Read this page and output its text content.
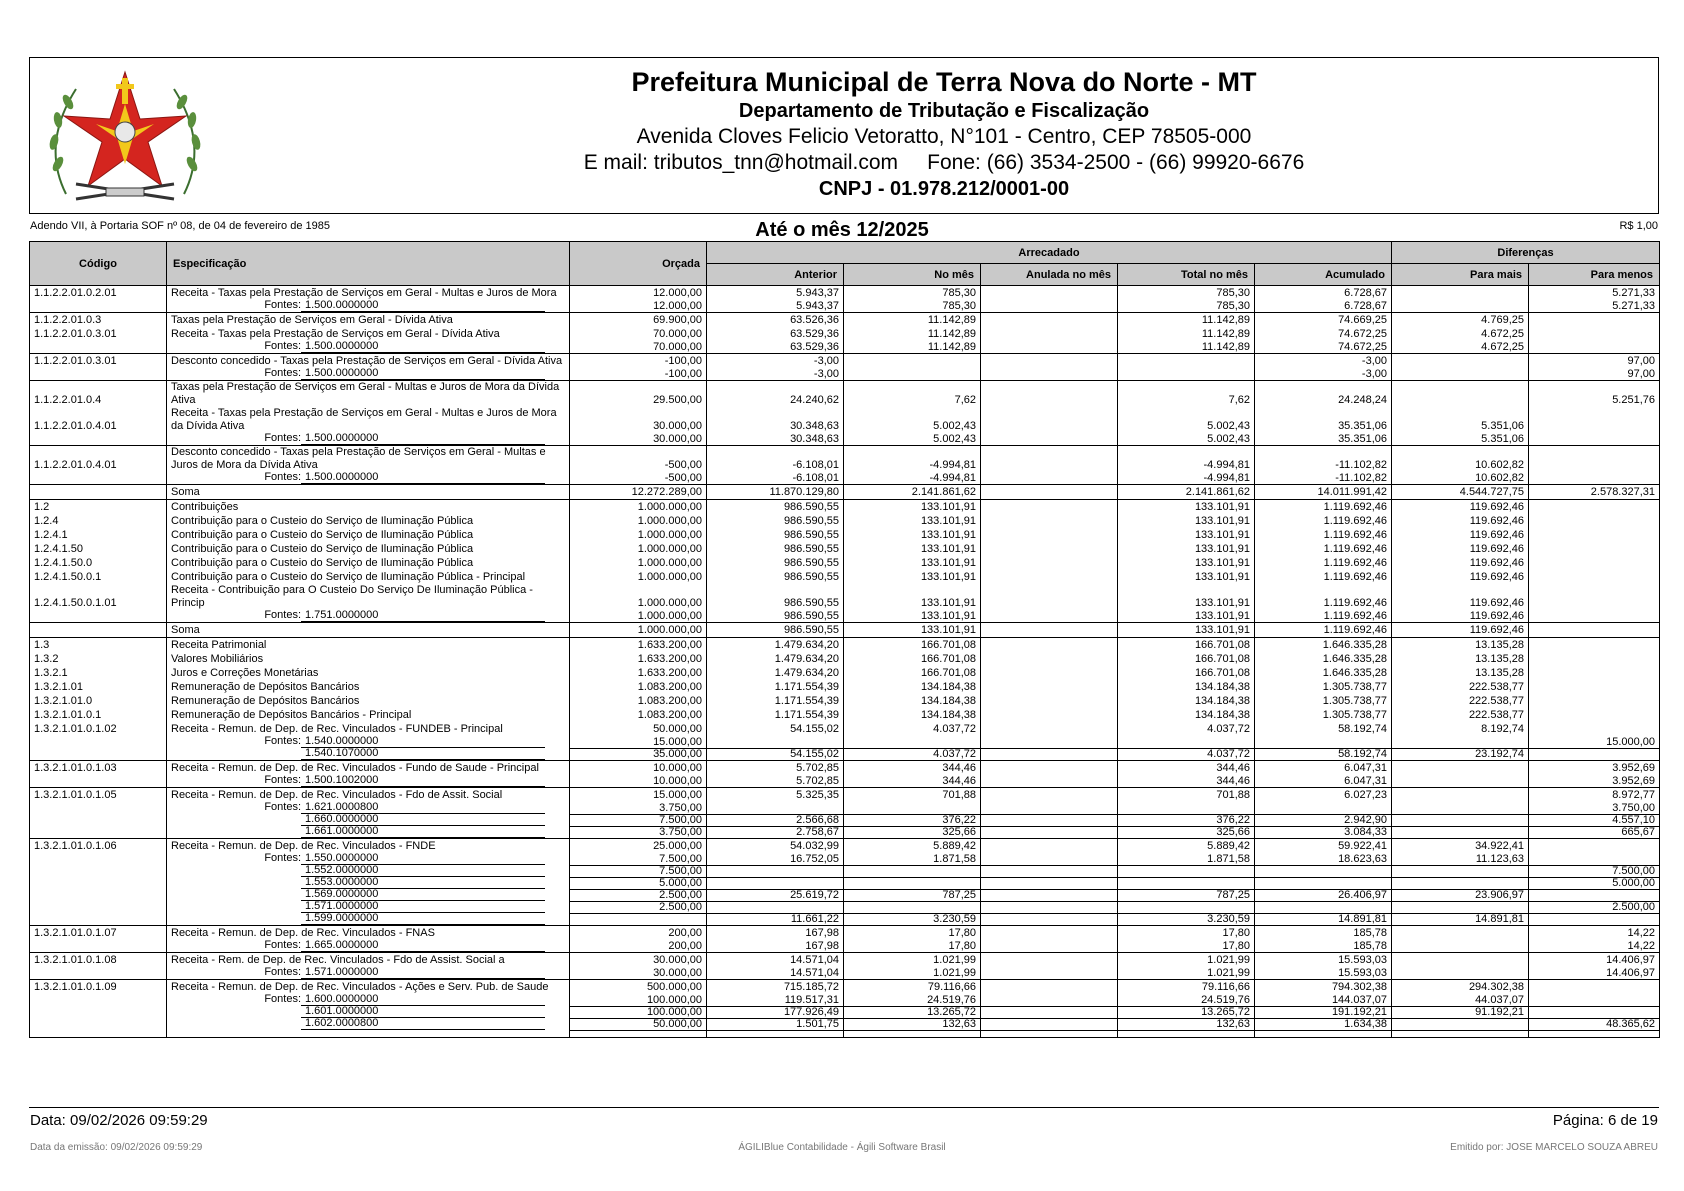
Prefeitura Municipal de Terra Nova do Norte - MT
Departamento de Tributação e Fiscalização
Avenida Cloves Felicio Vetoratto, N°101 - Centro, CEP 78505-000
E mail: tributos_tnn@hotmail.com     Fone: (66) 3534-2500 - (66) 99920-6676
CNPJ - 01.978.212/0001-00
Adendo VII, à Portaria SOF nº 08, de 04 de fevereiro de 1985	Até o mês 12/2025	R$ 1,00
Código	Especificação	Orçada	Arrecadado					Diferenças	
			Anterior	No mês	Anulada no mês	Total no mês	Acumulado	Para mais	Para menos
1.1.2.2.01.0.2.01	Receita - Taxas pela Prestação de Serviços em Geral - Multas e Juros de Mora	12.000,00	5.943,37	785,30		785,30	6.728,67		5.271,33
	Fontes: 1.500.0000000	12.000,00	5.943,37	785,30		785,30	6.728,67		5.271,33
1.1.2.2.01.0.3	Taxas pela Prestação de Serviços em Geral - Dívida Ativa	69.900,00	63.526,36	11.142,89		11.142,89	74.669,25	4.769,25	
1.1.2.2.01.0.3.01	Receita - Taxas pela Prestação de Serviços em Geral - Dívida Ativa	70.000,00	63.529,36	11.142,89		11.142,89	74.672,25	4.672,25	
	Fontes: 1.500.0000000	70.000,00	63.529,36	11.142,89		11.142,89	74.672,25	4.672,25	
1.1.2.2.01.0.3.01	Desconto concedido - Taxas pela Prestação de Serviços em Geral - Dívida Ativa	-100,00	-3,00				-3,00		97,00
	Fontes: 1.500.0000000	-100,00	-3,00				-3,00		97,00
1.1.2.2.01.0.4	Taxas pela Prestação de Serviços em Geral - Multas e Juros de Mora da Dívida Ativa	29.500,00	24.240,62	7,62		7,62	24.248,24		5.251,76
1.1.2.2.01.0.4.01	Receita - Taxas pela Prestação de Serviços em Geral - Multas e Juros de Mora da Dívida Ativa	30.000,00	30.348,63	5.002,43		5.002,43	35.351,06	5.351,06	
	Fontes: 1.500.0000000	30.000,00	30.348,63	5.002,43		5.002,43	35.351,06	5.351,06	
1.1.2.2.01.0.4.01	Desconto concedido - Taxas pela Prestação de Serviços em Geral - Multas e Juros de Mora da Dívida Ativa	-500,00	-6.108,01	-4.994,81		-4.994,81	-11.102,82	10.602,82	
	Fontes: 1.500.0000000	-500,00	-6.108,01	-4.994,81		-4.994,81	-11.102,82	10.602,82	
	Soma	12.272.289,00	11.870.129,80	2.141.861,62		2.141.861,62	14.011.991,42	4.544.727,75	2.578.327,31
1.2	Contribuições	1.000.000,00	986.590,55	133.101,91		133.101,91	1.119.692,46	119.692,46	
1.2.4	Contribuição para o Custeio do Serviço de Iluminação Pública	1.000.000,00	986.590,55	133.101,91		133.101,91	1.119.692,46	119.692,46	
1.2.4.1	Contribuição para o Custeio do Serviço de Iluminação Pública	1.000.000,00	986.590,55	133.101,91		133.101,91	1.119.692,46	119.692,46	
1.2.4.1.50	Contribuição para o Custeio do Serviço de Iluminação Pública	1.000.000,00	986.590,55	133.101,91		133.101,91	1.119.692,46	119.692,46	
1.2.4.1.50.0	Contribuição para o Custeio do Serviço de Iluminação Pública	1.000.000,00	986.590,55	133.101,91		133.101,91	1.119.692,46	119.692,46	
1.2.4.1.50.0.1	Contribuição para o Custeio do Serviço de Iluminação Pública - Principal	1.000.000,00	986.590,55	133.101,91		133.101,91	1.119.692,46	119.692,46	
1.2.4.1.50.0.1.01	Receita - Contribuição para O Custeio Do Serviço De Iluminação Pública - Princip	1.000.000,00	986.590,55	133.101,91		133.101,91	1.119.692,46	119.692,46	
	Fontes: 1.751.0000000	1.000.000,00	986.590,55	133.101,91		133.101,91	1.119.692,46	119.692,46	
	Soma	1.000.000,00	986.590,55	133.101,91		133.101,91	1.119.692,46	119.692,46	
1.3	Receita Patrimonial	1.633.200,00	1.479.634,20	166.701,08		166.701,08	1.646.335,28	13.135,28	
1.3.2	Valores Mobiliários	1.633.200,00	1.479.634,20	166.701,08		166.701,08	1.646.335,28	13.135,28	
1.3.2.1	Juros e Correções Monetárias	1.633.200,00	1.479.634,20	166.701,08		166.701,08	1.646.335,28	13.135,28	
1.3.2.1.01	Remuneração de Depósitos Bancários	1.083.200,00	1.171.554,39	134.184,38		134.184,38	1.305.738,77	222.538,77	
1.3.2.1.01.0	Remuneração de Depósitos Bancários	1.083.200,00	1.171.554,39	134.184,38		134.184,38	1.305.738,77	222.538,77	
1.3.2.1.01.0.1	Remuneração de Depósitos Bancários - Principal	1.083.200,00	1.171.554,39	134.184,38		134.184,38	1.305.738,77	222.538,77	
1.3.2.1.01.0.1.02	Receita - Remun. de Dep. de Rec. Vinculados - FUNDEB - Principal	50.000,00	54.155,02	4.037,72		4.037,72	58.192,74	8.192,74	
	Fontes: 1.540.0000000	15.000,00							15.000,00
	1.540.1070000	35.000,00	54.155,02	4.037,72		4.037,72	58.192,74	23.192,74	
1.3.2.1.01.0.1.03	Receita - Remun. de Dep. de Rec. Vinculados - Fundo de Saude - Principal	10.000,00	5.702,85	344,46		344,46	6.047,31		3.952,69
	Fontes: 1.500.1002000	10.000,00	5.702,85	344,46		344,46	6.047,31		3.952,69
1.3.2.1.01.0.1.05	Receita - Remun. de Dep. de Rec. Vinculados - Fdo de Assit. Social	15.000,00	5.325,35	701,88		701,88	6.027,23		8.972,77
	Fontes: 1.621.0000800	3.750,00							3.750,00
	1.660.0000000	7.500,00	2.566,68	376,22		376,22	2.942,90		4.557,10
	1.661.0000000	3.750,00	2.758,67	325,66		325,66	3.084,33		665,67
1.3.2.1.01.0.1.06	Receita - Remun. de Dep. de Rec. Vinculados - FNDE	25.000,00	54.032,99	5.889,42		5.889,42	59.922,41	34.922,41	
	Fontes: 1.550.0000000	7.500,00	16.752,05	1.871,58		1.871,58	18.623,63	11.123,63	
	1.552.0000000	7.500,00							7.500,00
	1.553.0000000	5.000,00							5.000,00
	1.569.0000000	2.500,00	25.619,72	787,25		787,25	26.406,97	23.906,97	
	1.571.0000000	2.500,00							2.500,00
	1.599.0000000		11.661,22	3.230,59		3.230,59	14.891,81	14.891,81	
1.3.2.1.01.0.1.07	Receita - Remun. de Dep. de Rec. Vinculados - FNAS	200,00	167,98	17,80		17,80	185,78		14,22
	Fontes: 1.665.0000000	200,00	167,98	17,80		17,80	185,78		14,22
1.3.2.1.01.0.1.08	Receita - Rem. de Dep. de Rec. Vinculados - Fdo de Assist. Social a	30.000,00	14.571,04	1.021,99		1.021,99	15.593,03		14.406,97
	Fontes: 1.571.0000000	30.000,00	14.571,04	1.021,99		1.021,99	15.593,03		14.406,97
1.3.2.1.01.0.1.09	Receita - Remun. de Dep. de Rec. Vinculados - Ações e Serv. Pub. de Saude	500.000,00	715.185,72	79.116,66		79.116,66	794.302,38	294.302,38	
	Fontes: 1.600.0000000	100.000,00	119.517,31	24.519,76		24.519,76	144.037,07	44.037,07	
	1.601.0000000	100.000,00	177.926,49	13.265,72		13.265,72	191.192,21	91.192,21	
	1.602.0000800	50.000,00	1.501,75	132,63		132,63	1.634,38		48.365,62

Data: 09/02/2026 09:59:29	Página: 6 de 19
Data da emissão: 09/02/2026 09:59:29	ÁGILIBlue Contabilidade - Ágili Software Brasil	Emitido por: JOSE MARCELO SOUZA ABREU
